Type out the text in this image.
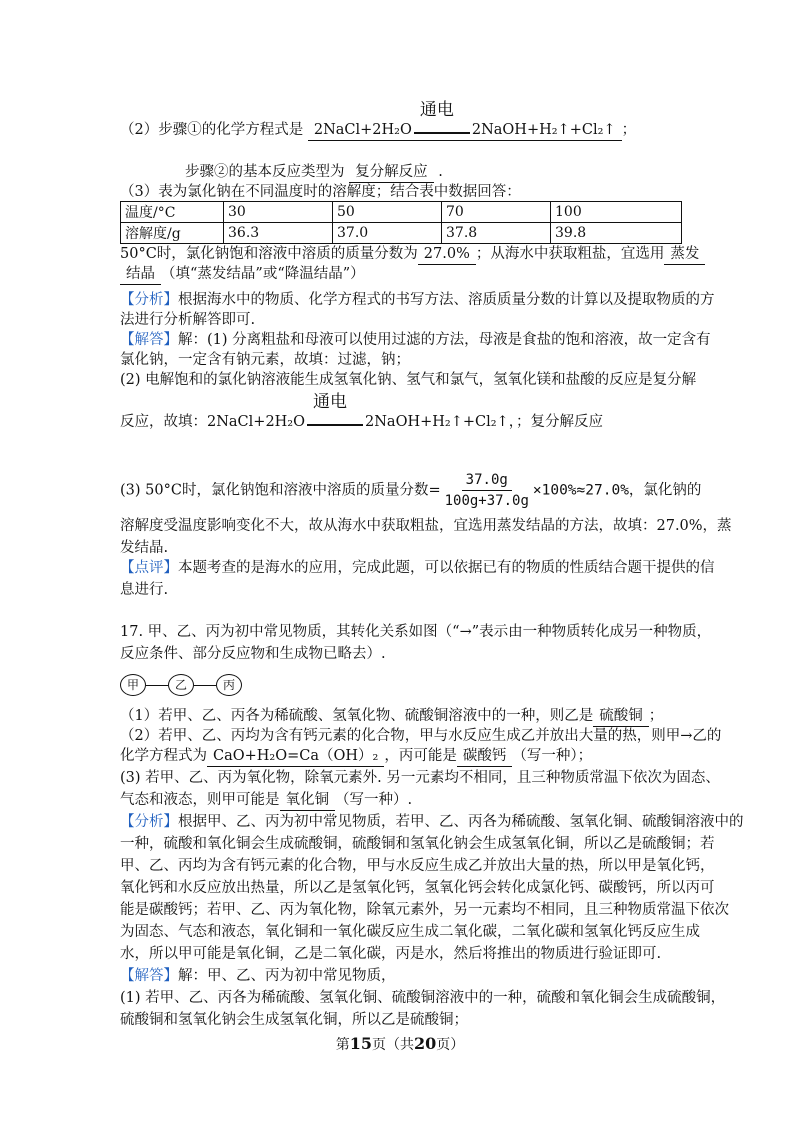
（2）步骤①的化学方程式是 2NaCl+2H₂O
通电
2NaOH+H₂↑+Cl₂↑ ；
步骤②的基本反应类型为 复分解反应 .
（3）表为氯化钠在不同温度时的溶解度；结合表中数据回答：
温度/°C	30	50	70	100
溶解度/g	36.3	37.0	37.8	39.8
50°C时，氯化钠饱和溶液中溶质的质量分数为 27.0% ；从海水中获取粗盐，宜选用 蒸发
结晶 （填“蒸发结晶”或“降温结晶”）
【分析】根据海水中的物质、化学方程式的书写方法、溶质质量分数的计算以及提取物质的方
法进行分析解答即可.
【解答】解：(1) 分离粗盐和母液可以使用过滤的方法，母液是食盐的饱和溶液，故一定含有
氯化钠，一定含有钠元素，故填：过滤，钠；
(2) 电解饱和的氯化钠溶液能生成氢氧化钠、氢气和氯气，氢氧化镁和盐酸的反应是复分解
反应，故填：2NaCl+2H₂O
通电
2NaOH+H₂↑+Cl₂↑，；复分解反应
(3) 50°C时，氯化钠饱和溶液中溶质的质量分数= $\frac{37.0g}{100g+37.0g} \times 100\%\approx 27.0\%$，氯化钠的
溶解度受温度影响变化不大，故从海水中获取粗盐，宜选用蒸发结晶的方法，故填：27.0%，蒸
发结晶.
【点评】本题考查的是海水的应用，完成此题，可以依据已有的物质的性质结合题干提供的信
息进行.
17. 甲、乙、丙为初中常见物质，其转化关系如图（“→”表示由一种物质转化成另一种物质，
反应条件、部分反应物和生成物已略去）.
甲	乙	丙
（1）若甲、乙、丙各为稀硫酸、氢氧化物、硫酸铜溶液中的一种，则乙是 硫酸铜 ；
（2）若甲、乙、丙均为含有钙元素的化合物，甲与水反应生成乙并放出大量的热，则甲→乙的
化学方程式为 CaO+H₂O=Ca（OH）₂ ，丙可能是 碳酸钙 （写一种）；
(3) 若甲、乙、丙为氧化物，除氧元素外. 另一元素均不相同，且三种物质常温下依次为固态、
气态和液态，则甲可能是 氧化铜 （写一种）.
【分析】根据甲、乙、丙为初中常见物质，若甲、乙、丙各为稀硫酸、氢氧化铜、硫酸铜溶液中的
一种，硫酸和氧化铜会生成硫酸铜，硫酸铜和氢氧化钠会生成氢氧化铜，所以乙是硫酸铜；若
甲、乙、丙均为含有钙元素的化合物，甲与水反应生成乙并放出大量的热，所以甲是氧化钙，
氧化钙和水反应放出热量，所以乙是氢氧化钙，氢氧化钙会转化成氯化钙、碳酸钙，所以丙可
能是碳酸钙；若甲、乙、丙为氧化物，除氧元素外，另一元素均不相同，且三种物质常温下依次
为固态、气态和液态，氧化铜和一氧化碳反应生成二氧化碳，二氧化碳和氢氧化钙反应生成
水，所以甲可能是氧化铜，乙是二氧化碳，丙是水，然后将推出的物质进行验证即可.
【解答】解：甲、乙、丙为初中常见物质，
(1) 若甲、乙、丙各为稀硫酸、氢氧化铜、硫酸铜溶液中的一种，硫酸和氧化铜会生成硫酸铜，
硫酸铜和氢氧化钠会生成氢氧化铜，所以乙是硫酸铜；
第15页（共20页）
